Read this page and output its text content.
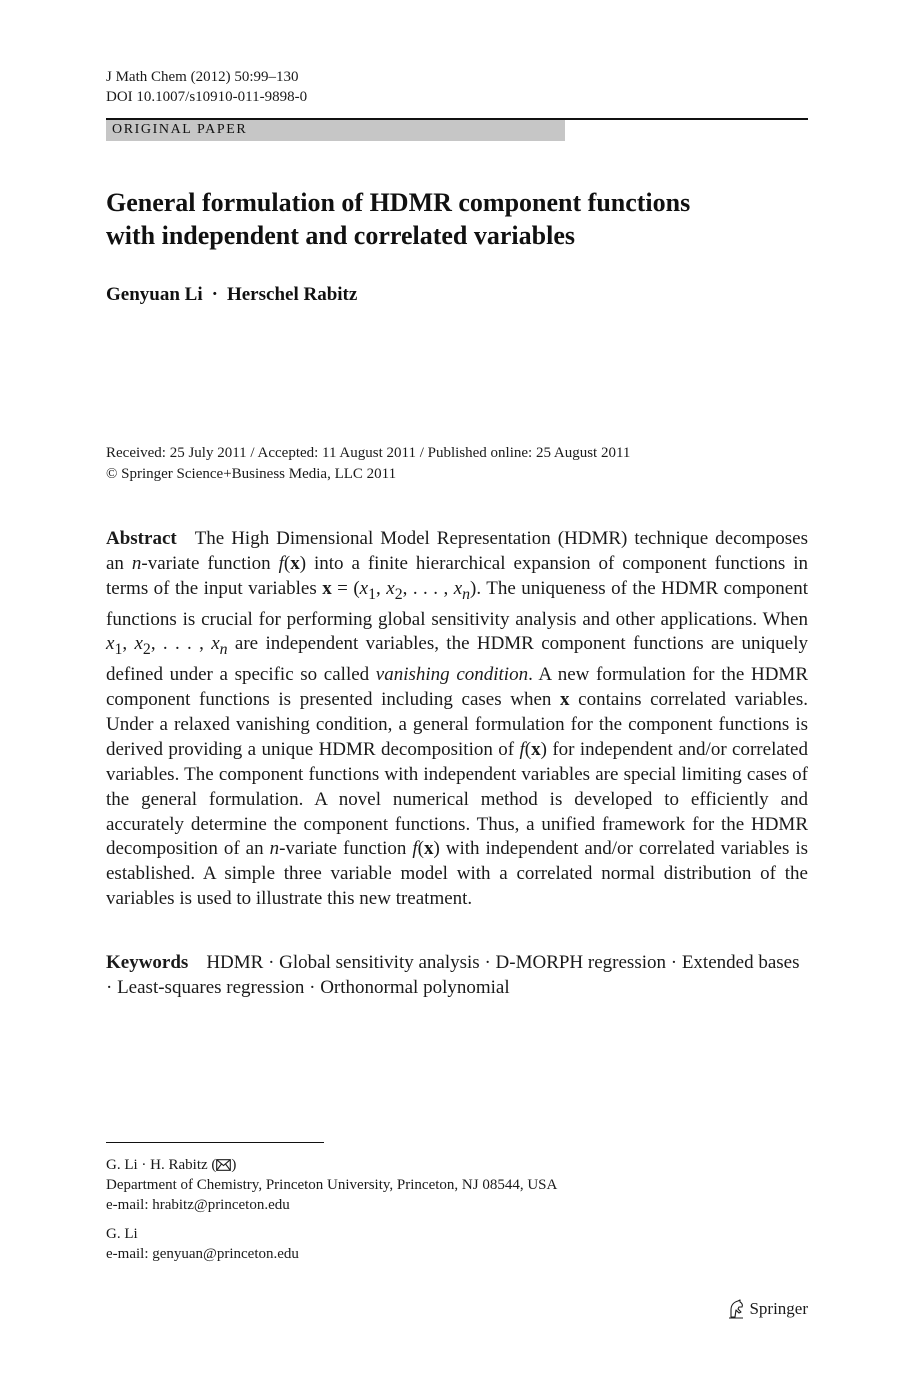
J Math Chem (2012) 50:99–130
DOI 10.1007/s10910-011-9898-0
ORIGINAL PAPER
General formulation of HDMR component functions
with independent and correlated variables
Genyuan Li · Herschel Rabitz
Received: 25 July 2011 / Accepted: 11 August 2011 / Published online: 25 August 2011
© Springer Science+Business Media, LLC 2011
Abstract The High Dimensional Model Representation (HDMR) technique decomposes an n-variate function f(x) into a finite hierarchical expansion of component functions in terms of the input variables $x = (x_1$, $x_2$, . . . , $x_n$). The uniqueness of the HDMR component functions is crucial for performing global sensitivity analysis and other applications. When $x_1$, $x_2$, . . . , $x_n$ are independent variables, the HDMR component functions are uniquely defined under a specific so called vanishing condition. A new formulation for the HDMR component functions is presented including cases when x contains correlated variables. Under a relaxed vanishing condition, a general formulation for the component functions is derived providing a unique HDMR decomposition of f(x) for independent and/or correlated variables. The component functions with independent variables are special limiting cases of the general formulation. A novel numerical method is developed to efficiently and accurately determine the component functions. Thus, a unified framework for the HDMR decomposition of an n-variate function f(x) with independent and/or correlated variables is established. A simple three variable model with a correlated normal distribution of the variables is used to illustrate this new treatment.
Keywords HDMR · Global sensitivity analysis · D-MORPH regression · Extended bases · Least-squares regression · Orthonormal polynomial
G. Li · H. Rabitz ( )
Department of Chemistry, Princeton University, Princeton, NJ 08544, USA
e-mail: hrabitz@princeton.edu
G. Li
e-mail: genyuan@princeton.edu
Springer
